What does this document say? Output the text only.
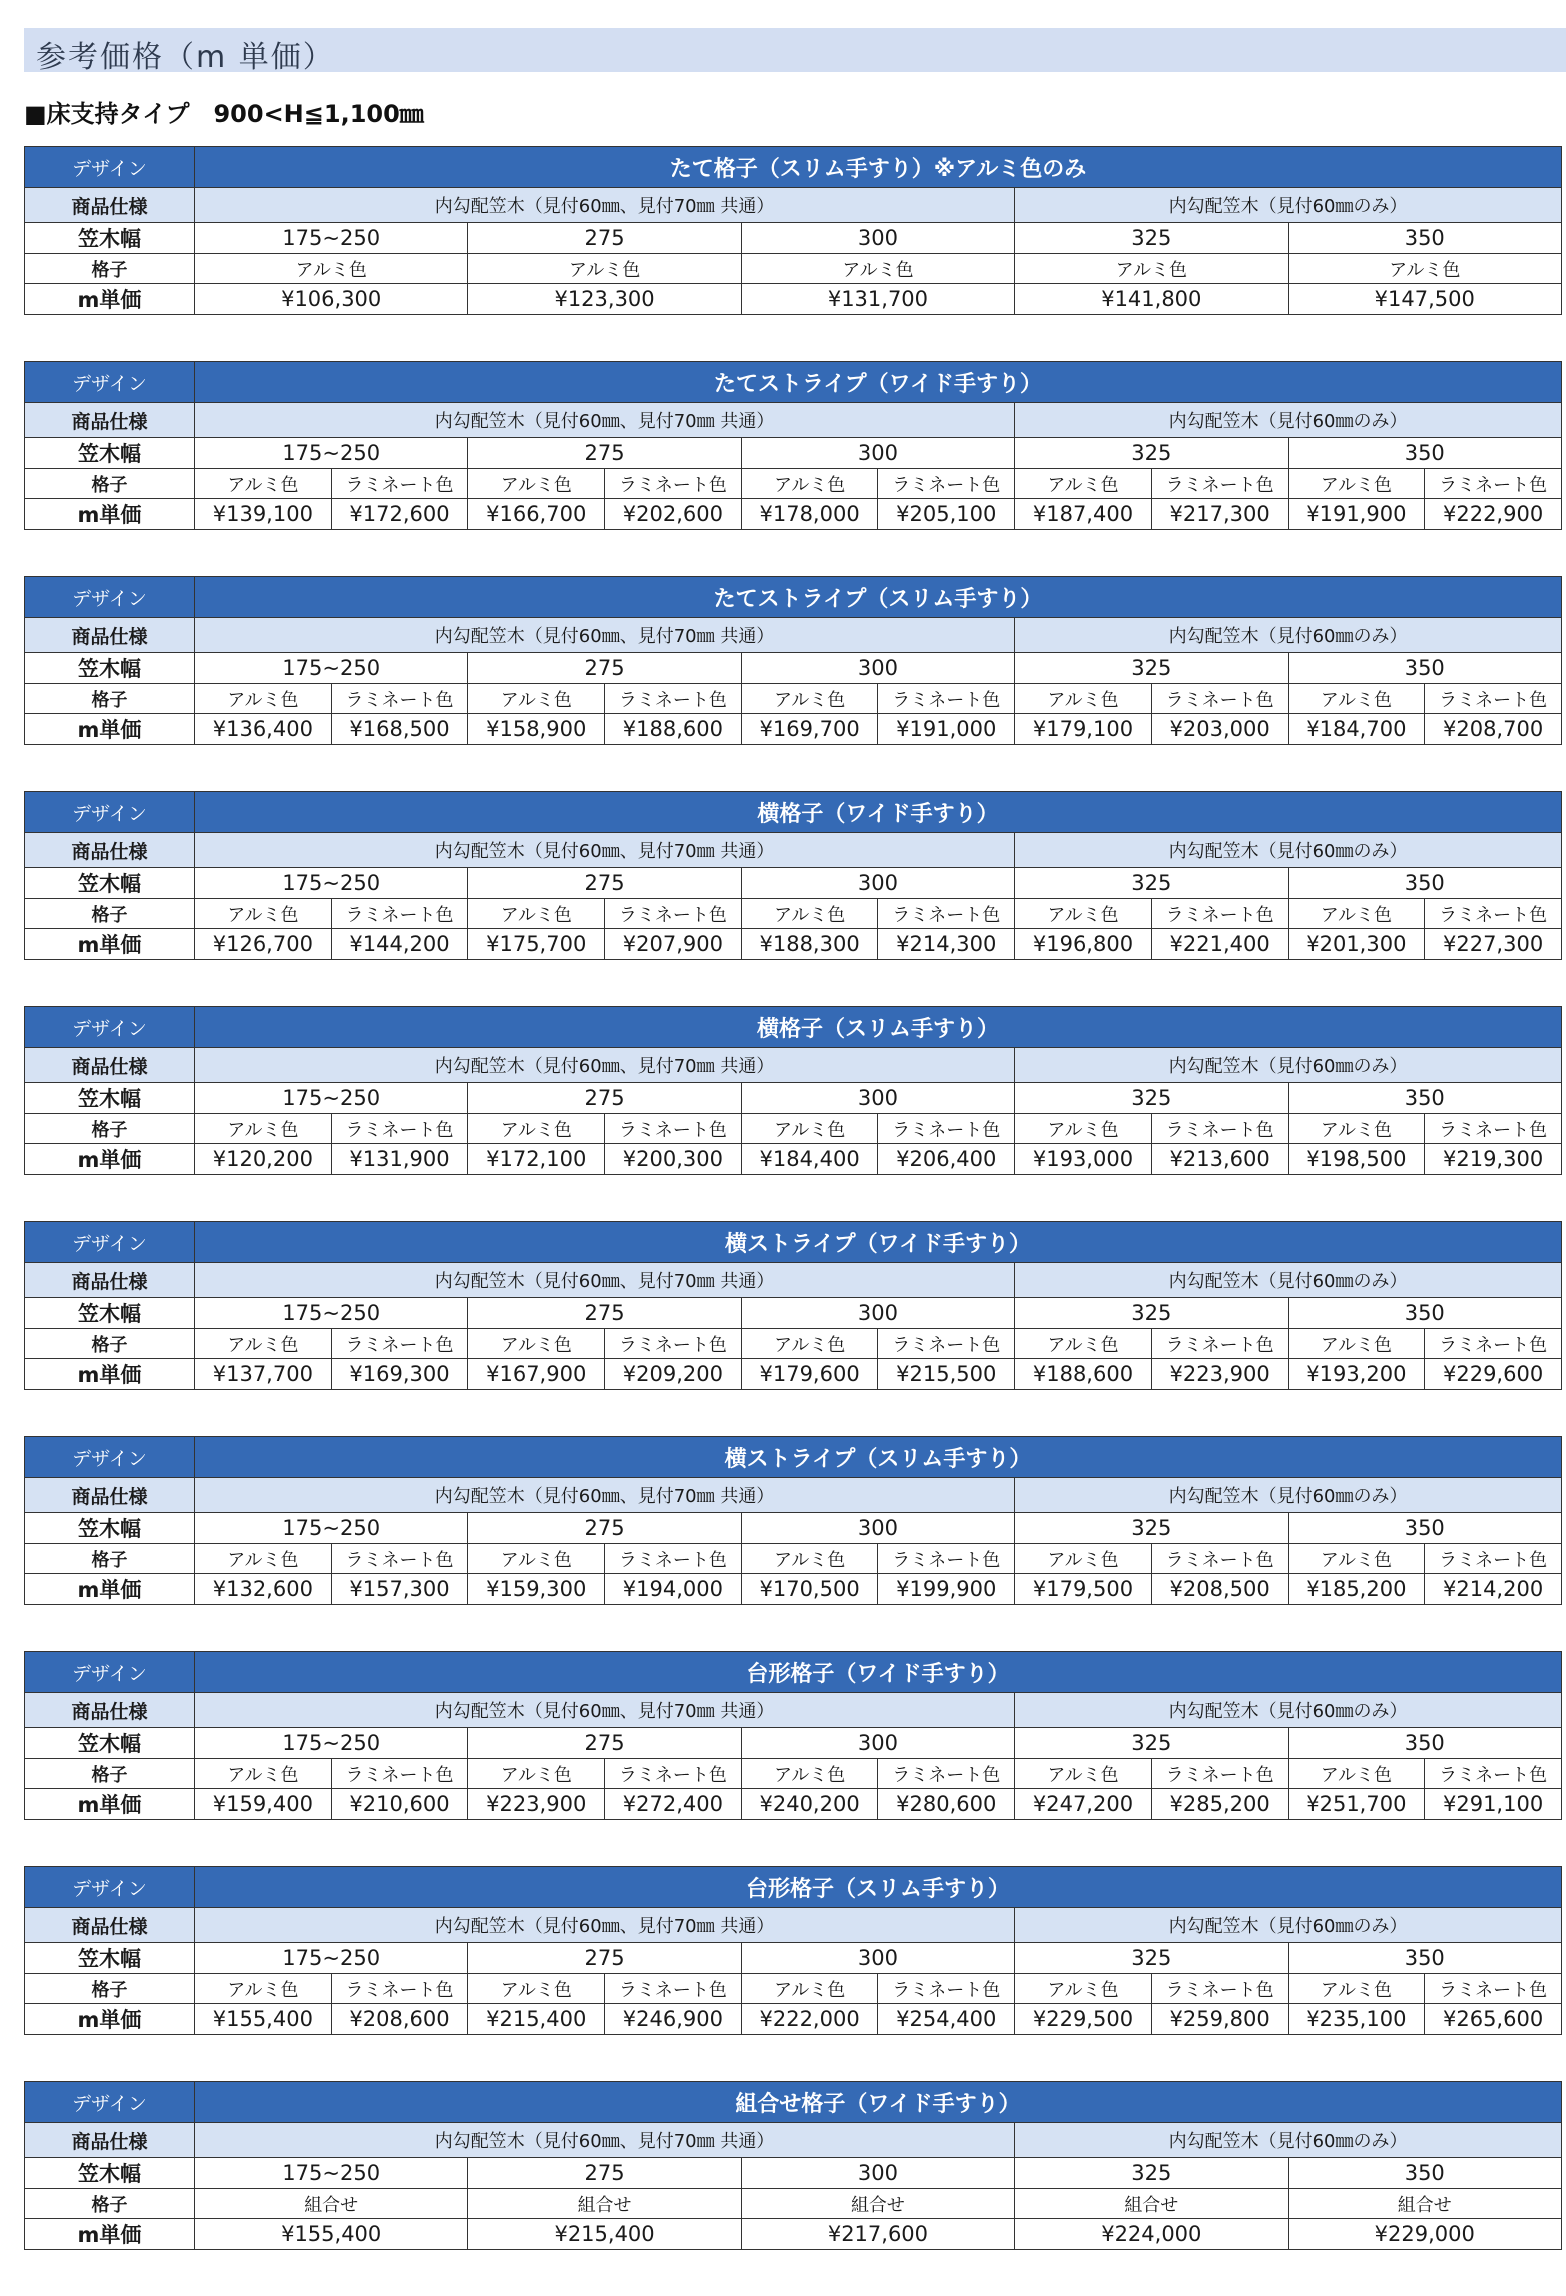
参考価格（m 単価）
■床支持タイプ　900<H≦1,100㎜
デザイン	たて格子（スリム手すり）※アルミ色のみ				
商品仕様	内勾配笠木（見付60㎜、見付70㎜ 共通）			内勾配笠木（見付60㎜のみ）	
笠木幅	175~250	275	300	325	350
格子	アルミ色	アルミ色	アルミ色	アルミ色	アルミ色
m単価	¥106,300	¥123,300	¥131,700	¥141,800	¥147,500
デザイン	たてストライプ（ワイド手すり）									
商品仕様	内勾配笠木（見付60㎜、見付70㎜ 共通）						内勾配笠木（見付60㎜のみ）			
笠木幅	175~250		275		300		325		350	
格子	アルミ色	ラミネート色	アルミ色	ラミネート色	アルミ色	ラミネート色	アルミ色	ラミネート色	アルミ色	ラミネート色
m単価	¥139,100	¥172,600	¥166,700	¥202,600	¥178,000	¥205,100	¥187,400	¥217,300	¥191,900	¥222,900
デザイン	たてストライプ（スリム手すり）									
商品仕様	内勾配笠木（見付60㎜、見付70㎜ 共通）						内勾配笠木（見付60㎜のみ）			
笠木幅	175~250		275		300		325		350	
格子	アルミ色	ラミネート色	アルミ色	ラミネート色	アルミ色	ラミネート色	アルミ色	ラミネート色	アルミ色	ラミネート色
m単価	¥136,400	¥168,500	¥158,900	¥188,600	¥169,700	¥191,000	¥179,100	¥203,000	¥184,700	¥208,700
デザイン	横格子（ワイド手すり）									
商品仕様	内勾配笠木（見付60㎜、見付70㎜ 共通）						内勾配笠木（見付60㎜のみ）			
笠木幅	175~250		275		300		325		350	
格子	アルミ色	ラミネート色	アルミ色	ラミネート色	アルミ色	ラミネート色	アルミ色	ラミネート色	アルミ色	ラミネート色
m単価	¥126,700	¥144,200	¥175,700	¥207,900	¥188,300	¥214,300	¥196,800	¥221,400	¥201,300	¥227,300
デザイン	横格子（スリム手すり）									
商品仕様	内勾配笠木（見付60㎜、見付70㎜ 共通）						内勾配笠木（見付60㎜のみ）			
笠木幅	175~250		275		300		325		350	
格子	アルミ色	ラミネート色	アルミ色	ラミネート色	アルミ色	ラミネート色	アルミ色	ラミネート色	アルミ色	ラミネート色
m単価	¥120,200	¥131,900	¥172,100	¥200,300	¥184,400	¥206,400	¥193,000	¥213,600	¥198,500	¥219,300
デザイン	横ストライプ（ワイド手すり）									
商品仕様	内勾配笠木（見付60㎜、見付70㎜ 共通）						内勾配笠木（見付60㎜のみ）			
笠木幅	175~250		275		300		325		350	
格子	アルミ色	ラミネート色	アルミ色	ラミネート色	アルミ色	ラミネート色	アルミ色	ラミネート色	アルミ色	ラミネート色
m単価	¥137,700	¥169,300	¥167,900	¥209,200	¥179,600	¥215,500	¥188,600	¥223,900	¥193,200	¥229,600
デザイン	横ストライプ（スリム手すり）									
商品仕様	内勾配笠木（見付60㎜、見付70㎜ 共通）						内勾配笠木（見付60㎜のみ）			
笠木幅	175~250		275		300		325		350	
格子	アルミ色	ラミネート色	アルミ色	ラミネート色	アルミ色	ラミネート色	アルミ色	ラミネート色	アルミ色	ラミネート色
m単価	¥132,600	¥157,300	¥159,300	¥194,000	¥170,500	¥199,900	¥179,500	¥208,500	¥185,200	¥214,200
デザイン	台形格子（ワイド手すり）									
商品仕様	内勾配笠木（見付60㎜、見付70㎜ 共通）						内勾配笠木（見付60㎜のみ）			
笠木幅	175~250		275		300		325		350	
格子	アルミ色	ラミネート色	アルミ色	ラミネート色	アルミ色	ラミネート色	アルミ色	ラミネート色	アルミ色	ラミネート色
m単価	¥159,400	¥210,600	¥223,900	¥272,400	¥240,200	¥280,600	¥247,200	¥285,200	¥251,700	¥291,100
デザイン	台形格子（スリム手すり）									
商品仕様	内勾配笠木（見付60㎜、見付70㎜ 共通）						内勾配笠木（見付60㎜のみ）			
笠木幅	175~250		275		300		325		350	
格子	アルミ色	ラミネート色	アルミ色	ラミネート色	アルミ色	ラミネート色	アルミ色	ラミネート色	アルミ色	ラミネート色
m単価	¥155,400	¥208,600	¥215,400	¥246,900	¥222,000	¥254,400	¥229,500	¥259,800	¥235,100	¥265,600
デザイン	組合せ格子（ワイド手すり）				
商品仕様	内勾配笠木（見付60㎜、見付70㎜ 共通）			内勾配笠木（見付60㎜のみ）	
笠木幅	175~250	275	300	325	350
格子	組合せ	組合せ	組合せ	組合せ	組合せ
m単価	¥155,400	¥215,400	¥217,600	¥224,000	¥229,000
